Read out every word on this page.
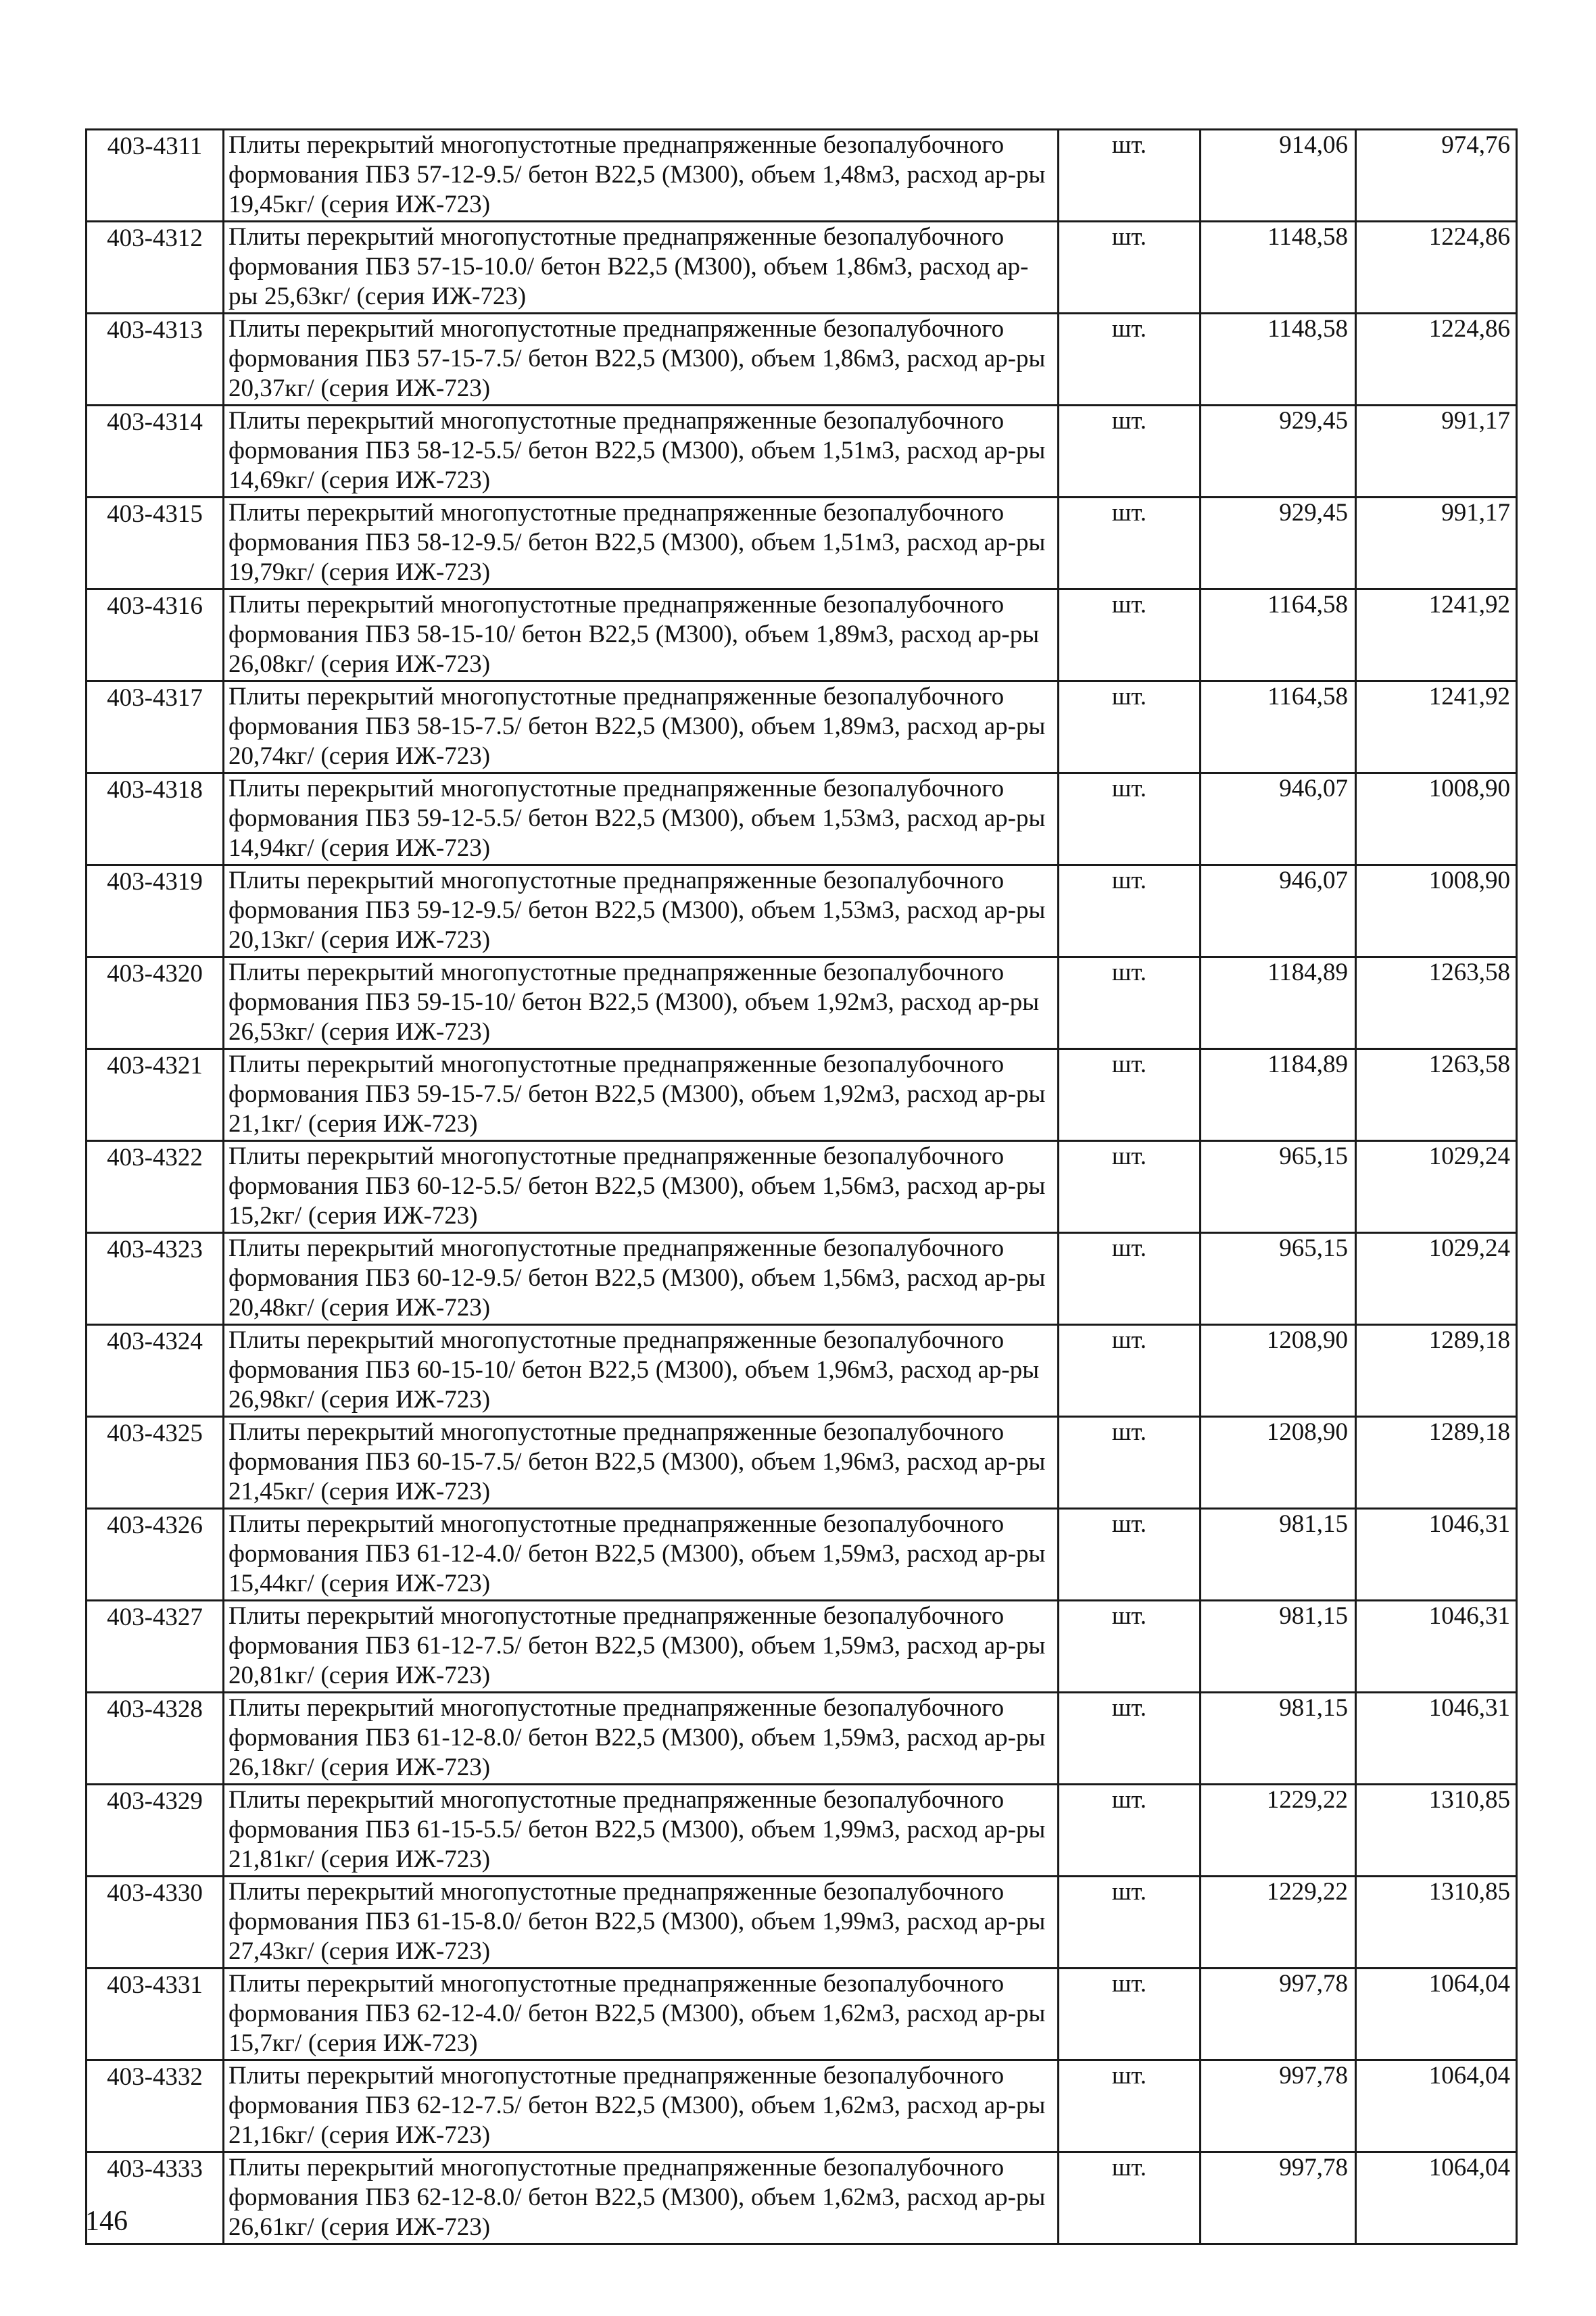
403-4311	Плиты перекрытий многопустотные преднапряженные безопалубочного
формования ПБЗ 57-12-9.5/ бетон В22,5 (М300), объем 1,48м3, расход ар-ры
19,45кг/ (серия ИЖ-723)	шт.	914,06	974,76
403-4312	Плиты перекрытий многопустотные преднапряженные безопалубочного
формования ПБЗ 57-15-10.0/ бетон В22,5 (М300), объем 1,86м3, расход ар-
ры 25,63кг/ (серия ИЖ-723)	шт.	1148,58	1224,86
403-4313	Плиты перекрытий многопустотные преднапряженные безопалубочного
формования ПБЗ 57-15-7.5/ бетон В22,5 (М300), объем 1,86м3, расход ар-ры
20,37кг/ (серия ИЖ-723)	шт.	1148,58	1224,86
403-4314	Плиты перекрытий многопустотные преднапряженные безопалубочного
формования ПБЗ 58-12-5.5/ бетон В22,5 (М300), объем 1,51м3, расход ар-ры
14,69кг/ (серия ИЖ-723)	шт.	929,45	991,17
403-4315	Плиты перекрытий многопустотные преднапряженные безопалубочного
формования ПБЗ 58-12-9.5/ бетон В22,5 (М300), объем 1,51м3, расход ар-ры
19,79кг/ (серия ИЖ-723)	шт.	929,45	991,17
403-4316	Плиты перекрытий многопустотные преднапряженные безопалубочного
формования ПБЗ 58-15-10/ бетон В22,5 (М300), объем 1,89м3, расход ар-ры
26,08кг/ (серия ИЖ-723)	шт.	1164,58	1241,92
403-4317	Плиты перекрытий многопустотные преднапряженные безопалубочного
формования ПБЗ 58-15-7.5/ бетон В22,5 (М300), объем 1,89м3, расход ар-ры
20,74кг/ (серия ИЖ-723)	шт.	1164,58	1241,92
403-4318	Плиты перекрытий многопустотные преднапряженные безопалубочного
формования ПБЗ 59-12-5.5/ бетон В22,5 (М300), объем 1,53м3, расход ар-ры
14,94кг/ (серия ИЖ-723)	шт.	946,07	1008,90
403-4319	Плиты перекрытий многопустотные преднапряженные безопалубочного
формования ПБЗ 59-12-9.5/ бетон В22,5 (М300), объем 1,53м3, расход ар-ры
20,13кг/ (серия ИЖ-723)	шт.	946,07	1008,90
403-4320	Плиты перекрытий многопустотные преднапряженные безопалубочного
формования ПБЗ 59-15-10/ бетон В22,5 (М300), объем 1,92м3, расход ар-ры
26,53кг/ (серия ИЖ-723)	шт.	1184,89	1263,58
403-4321	Плиты перекрытий многопустотные преднапряженные безопалубочного
формования ПБЗ 59-15-7.5/ бетон В22,5 (М300), объем 1,92м3, расход ар-ры
21,1кг/ (серия ИЖ-723)	шт.	1184,89	1263,58
403-4322	Плиты перекрытий многопустотные преднапряженные безопалубочного
формования ПБЗ 60-12-5.5/ бетон В22,5 (М300), объем 1,56м3, расход ар-ры
15,2кг/ (серия ИЖ-723)	шт.	965,15	1029,24
403-4323	Плиты перекрытий многопустотные преднапряженные безопалубочного
формования ПБЗ 60-12-9.5/ бетон В22,5 (М300), объем 1,56м3, расход ар-ры
20,48кг/ (серия ИЖ-723)	шт.	965,15	1029,24
403-4324	Плиты перекрытий многопустотные преднапряженные безопалубочного
формования ПБЗ 60-15-10/ бетон В22,5 (М300), объем 1,96м3, расход ар-ры
26,98кг/ (серия ИЖ-723)	шт.	1208,90	1289,18
403-4325	Плиты перекрытий многопустотные преднапряженные безопалубочного
формования ПБЗ 60-15-7.5/ бетон В22,5 (М300), объем 1,96м3, расход ар-ры
21,45кг/ (серия ИЖ-723)	шт.	1208,90	1289,18
403-4326	Плиты перекрытий многопустотные преднапряженные безопалубочного
формования ПБЗ 61-12-4.0/ бетон В22,5 (М300), объем 1,59м3, расход ар-ры
15,44кг/ (серия ИЖ-723)	шт.	981,15	1046,31
403-4327	Плиты перекрытий многопустотные преднапряженные безопалубочного
формования ПБЗ 61-12-7.5/ бетон В22,5 (М300), объем 1,59м3, расход ар-ры
20,81кг/ (серия ИЖ-723)	шт.	981,15	1046,31
403-4328	Плиты перекрытий многопустотные преднапряженные безопалубочного
формования ПБЗ 61-12-8.0/ бетон В22,5 (М300), объем 1,59м3, расход ар-ры
26,18кг/ (серия ИЖ-723)	шт.	981,15	1046,31
403-4329	Плиты перекрытий многопустотные преднапряженные безопалубочного
формования ПБЗ 61-15-5.5/ бетон В22,5 (М300), объем 1,99м3, расход ар-ры
21,81кг/ (серия ИЖ-723)	шт.	1229,22	1310,85
403-4330	Плиты перекрытий многопустотные преднапряженные безопалубочного
формования ПБЗ 61-15-8.0/ бетон В22,5 (М300), объем 1,99м3, расход ар-ры
27,43кг/ (серия ИЖ-723)	шт.	1229,22	1310,85
403-4331	Плиты перекрытий многопустотные преднапряженные безопалубочного
формования ПБЗ 62-12-4.0/ бетон В22,5 (М300), объем 1,62м3, расход ар-ры
15,7кг/ (серия ИЖ-723)	шт.	997,78	1064,04
403-4332	Плиты перекрытий многопустотные преднапряженные безопалубочного
формования ПБЗ 62-12-7.5/ бетон В22,5 (М300), объем 1,62м3, расход ар-ры
21,16кг/ (серия ИЖ-723)	шт.	997,78	1064,04
403-4333	Плиты перекрытий многопустотные преднапряженные безопалубочного
формования ПБЗ 62-12-8.0/ бетон В22,5 (М300), объем 1,62м3, расход ар-ры
26,61кг/ (серия ИЖ-723)	шт.	997,78	1064,04
146
